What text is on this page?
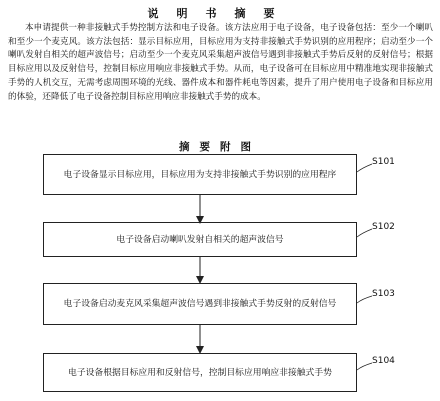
说明书摘要

本申请提供一种非接触式手势控制方法和电子设备。该方法应用于电子设备，电子设备包括：至少一个喇叭和至少一个麦克风。该方法包括：显示目标应用，目标应用为支持非接触式手势识别的应用程序；启动至少一个喇叭发射自相关的超声波信号；启动至少一个麦克风采集超声波信号遇到非接触式手势后反射的反射信号；根据目标应用以及反射信号，控制目标应用响应非接触式手势。从而，电子设备可在目标应用中精准地实现非接触式手势的人机交互，无需考虑周围环境的光线、器件成本和器件耗电等因素，提升了用户使用电子设备和目标应用的体验，还降低了电子设备控制目标应用响应非接触式手势的成本。

摘要附图
电子设备显示目标应用，目标应用为支持非接触式手势识别的应用程序
S101
电子设备启动喇叭发射自相关的超声波信号
S102
电子设备启动麦克风采集超声波信号遇到非接触式手势反射的反射信号
S103
电子设备根据目标应用和反射信号，控制目标应用响应非接触式手势
S104
